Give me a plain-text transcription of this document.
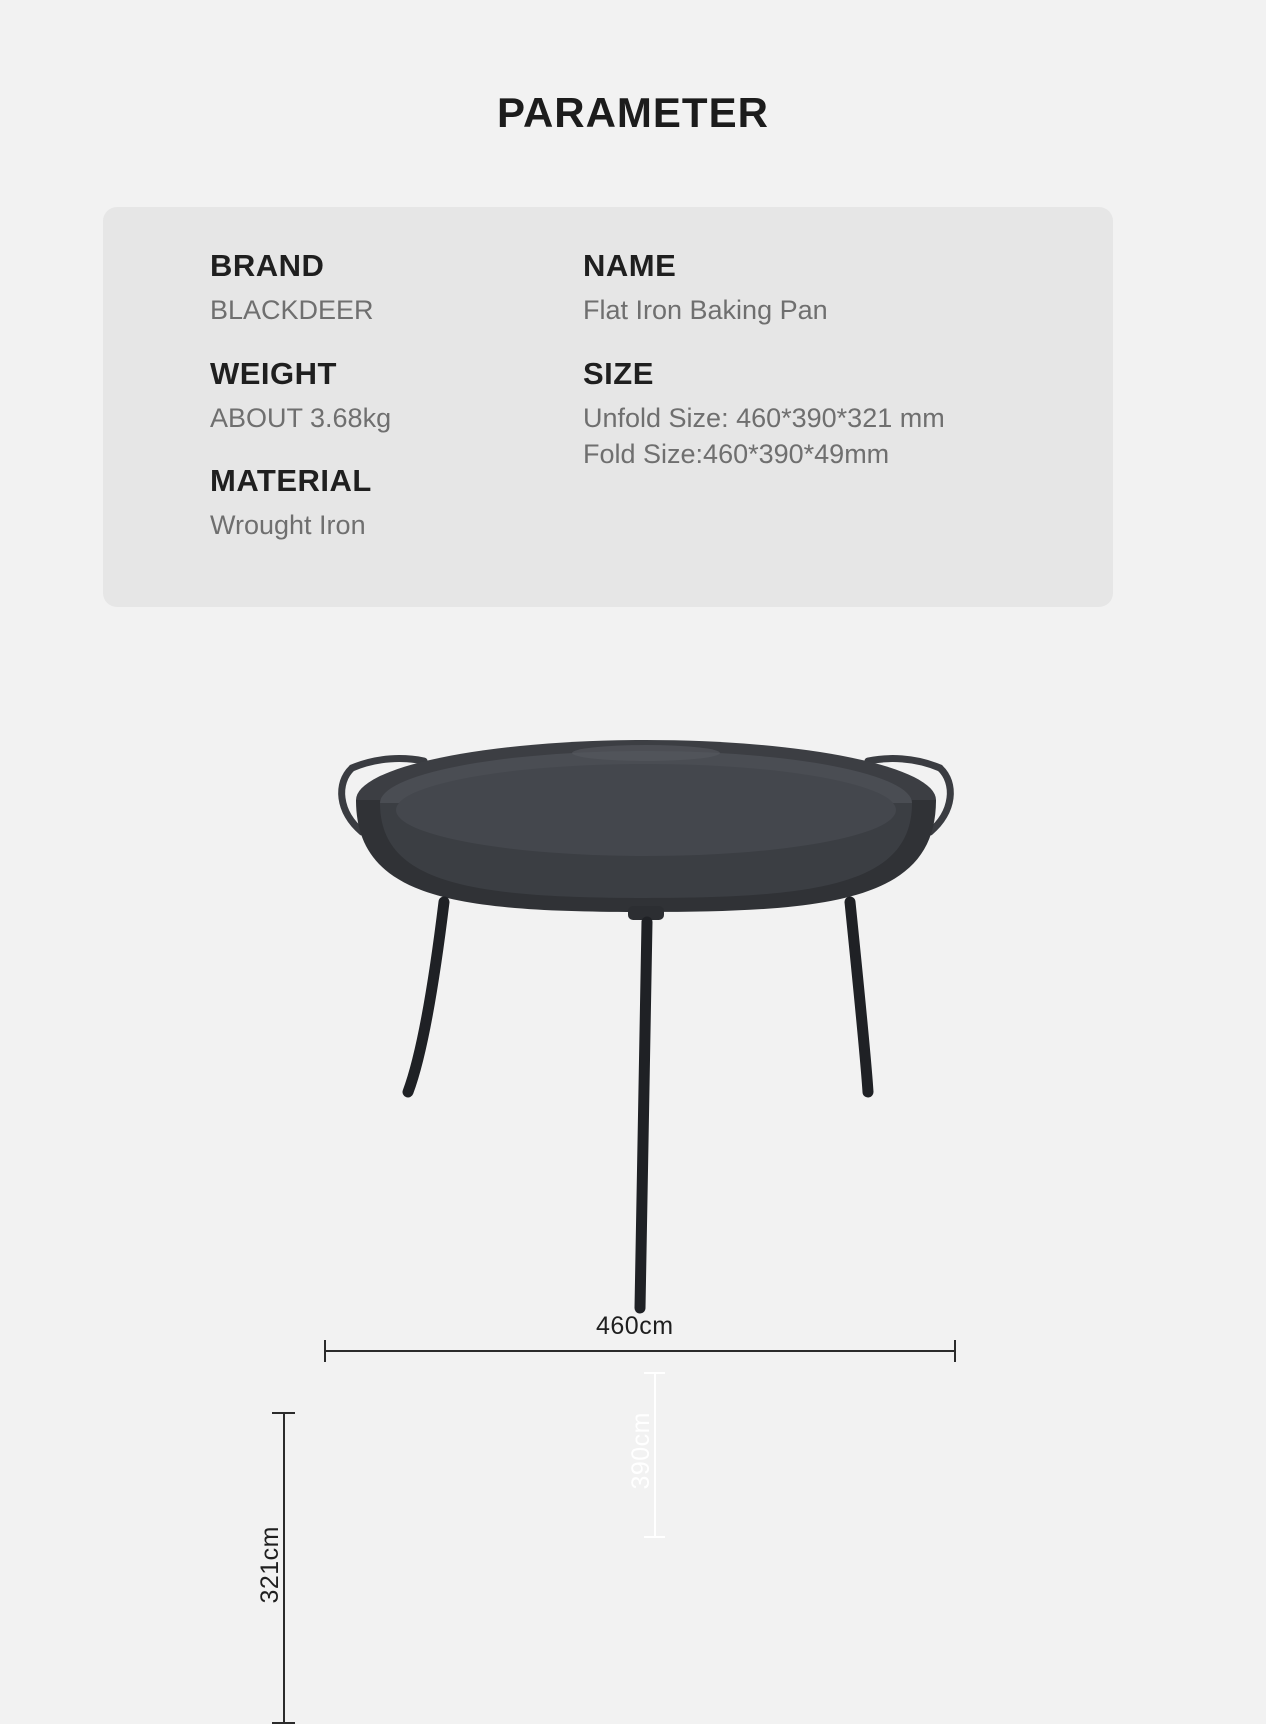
PARAMETER
BRAND
BLACKDEER
WEIGHT
ABOUT 3.68kg
MATERIAL
Wrought Iron
NAME
Flat Iron Baking Pan
SIZE
Unfold Size: 460*390*321 mm
Fold Size:460*390*49mm
460cm
321cm
390cm
